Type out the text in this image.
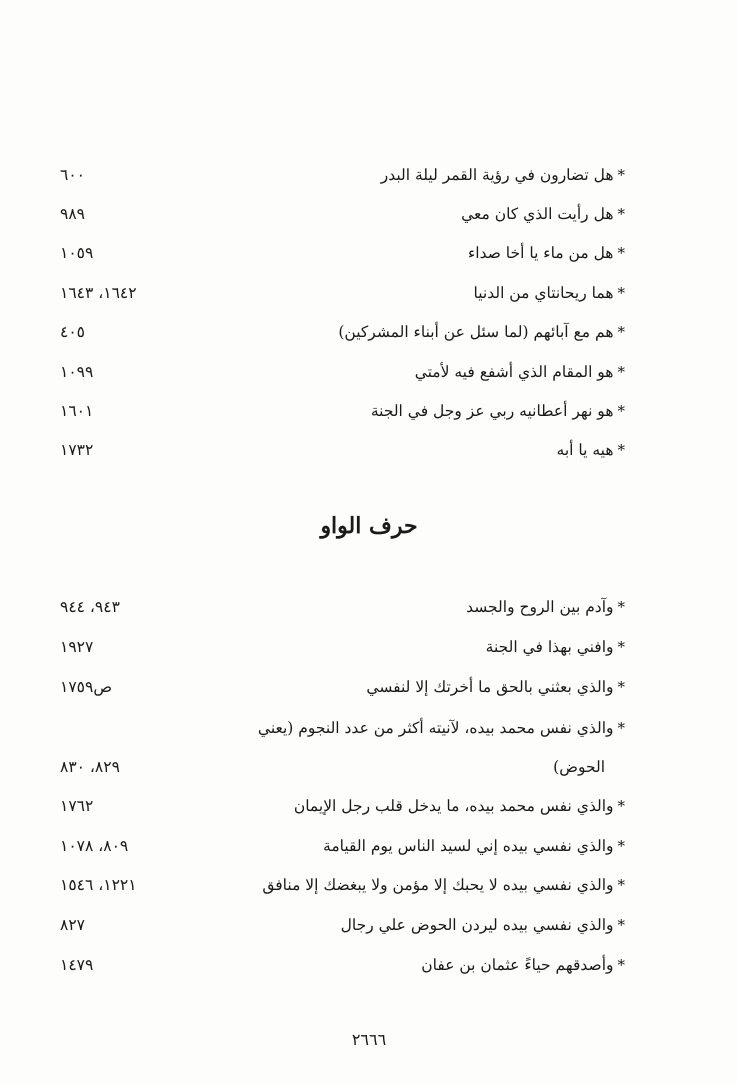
*
هل تضارون في رؤية القمر ليلة البدر
٦٠٠
*
هل رأيت الذي كان معي
٩٨٩
*
هل من ماء يا أخا صداء
١٠٥٩
*
هما ريحانتاي من الدنيا
١٦٤٢، ١٦٤٣
*
هم مع آبائهم (لما سئل عن أبناء المشركين)
٤٠٥
*
هو المقام الذي أشفع فيه لأمتي
١٠٩٩
*
هو نهر أعطانيه ربي عز وجل في الجنة
١٦٠١
*
هيه يا أبه
١٧٣٢
حرف الواو
*
وآدم بين الروح والجسد
٩٤٣، ٩٤٤
*
وافني بهذا في الجنة
١٩٢٧
*
والذي بعثني بالحق ما أخرتك إلا لنفسي
ص١٧٥٩
*
والذي نفس محمد بيده، لآنيته أكثر من عدد النجوم (يعني
الحوض)
٨٢٩، ٨٣٠
*
والذي نفس محمد بيده، ما يدخل قلب رجل الإيمان
١٧٦٢
*
والذي نفسي بيده إني لسيد الناس يوم القيامة
٨٠٩، ١٠٧٨
*
والذي نفسي بيده لا يحبك إلا مؤمن ولا يبغضك إلا منافق
١٢٢١، ١٥٤٦
*
والذي نفسي بيده ليردن الحوض علي رجال
٨٢٧
*
وأصدقهم حياءً عثمان بن عفان
١٤٧٩
٢٦٦٦
